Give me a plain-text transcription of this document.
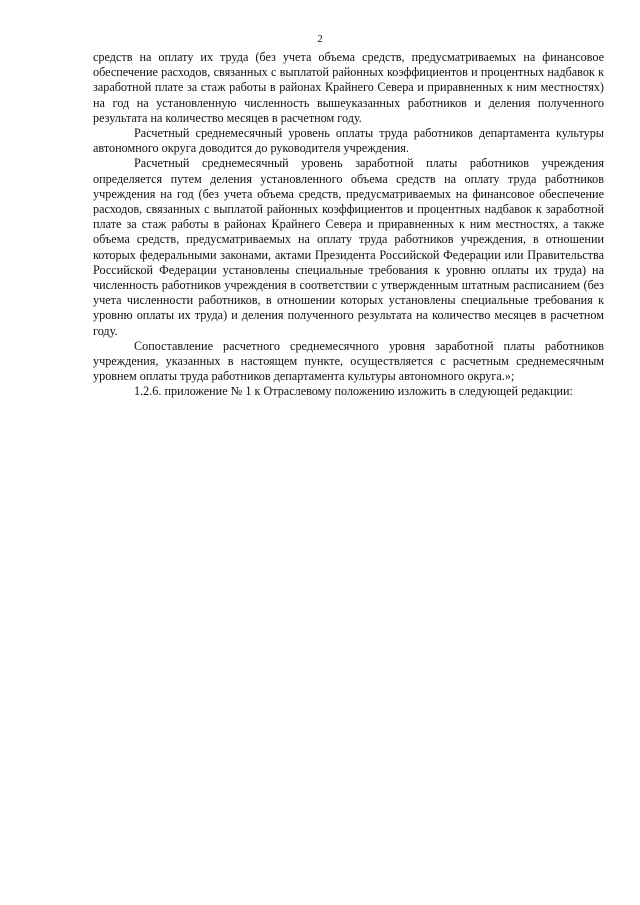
2

средств на оплату их труда (без учета объема средств, предусматриваемых на финансовое обеспечение расходов, связанных с выплатой районных коэффициентов и процентных надбавок к заработной плате за стаж работы в районах Крайнего Севера и приравненных к ним местностях) на год на установленную численность вышеуказанных работников и деления полученного результата на количество месяцев в расчетном году.

Расчетный среднемесячный уровень оплаты труда работников департамента культуры автономного округа доводится до руководителя учреждения.

Расчетный среднемесячный уровень заработной платы работников учреждения определяется путем деления установленного объема средств на оплату труда работников учреждения на год (без учета объема средств, предусматриваемых на финансовое обеспечение расходов, связанных с выплатой районных коэффициентов и процентных надбавок к заработной плате за стаж работы в районах Крайнего Севера и приравненных к ним местностях, а также объема средств, предусматриваемых на оплату труда работников учреждения, в отношении которых федеральными законами, актами Президента Российской Федерации или Правительства Российской Федерации установлены специальные требования к уровню оплаты их труда) на численность работников учреждения в соответствии с утвержденным штатным расписанием (без учета численности работников, в отношении которых установлены специальные требования к уровню оплаты их труда) и деления полученного результата на количество месяцев в расчетном году.

Сопоставление расчетного среднемесячного уровня заработной платы работников учреждения, указанных в настоящем пункте, осуществляется с расчетным среднемесячным уровнем оплаты труда работников департамента культуры автономного округа.»;

1.2.6. приложение № 1 к Отраслевому положению изложить в следующей редакции:
